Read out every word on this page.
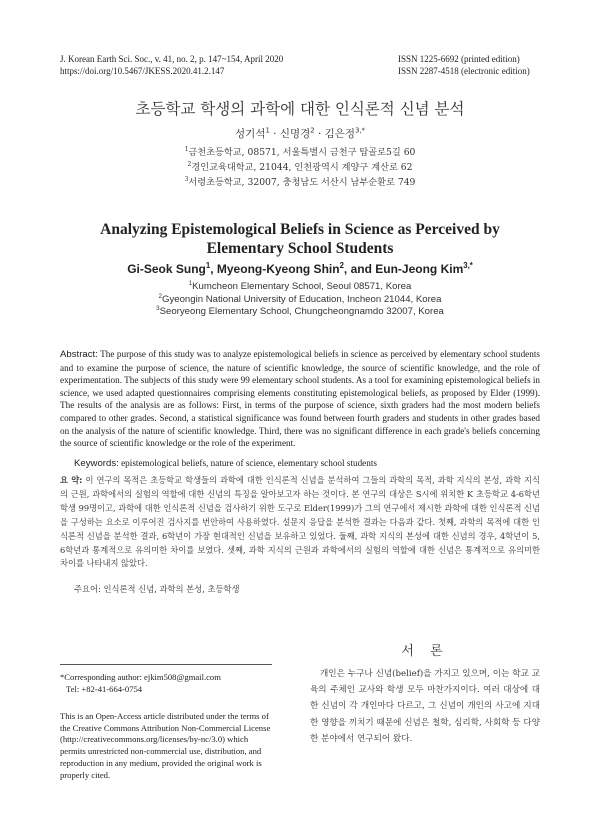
J. Korean Earth Sci. Soc., v. 41, no. 2, p. 147~154, April 2020
https://doi.org/10.5467/JKESS.2020.41.2.147
ISSN 1225-6692 (printed edition)
ISSN 2287-4518 (electronic edition)
초등학교 학생의 과학에 대한 인식론적 신념 분석
성기석$^1$ · 신명경$^2$ · 김은정$^{3,*}$
$^1$금천초등학교, 08571, 서울특별시 금천구 탑골로5길 60
$^2$경인교육대학교, 21044, 인천광역시 계양구 계산로 62
$^3$서령초등학교, 32007, 충청남도 서산시 남부순환로 749
Analyzing Epistemological Beliefs in Science as Perceived by
Elementary School Students
Gi-Seok Sung$^1$, Myeong-Kyeong Shin$^2$, and Eun-Jeong Kim$^{3,*}$
$^1$Kumcheon Elementary School, Seoul 08571, Korea
$^2$Gyeongin National University of Education, Incheon 21044, Korea
$^3$Seoryeong Elementary School, Chungcheongnamdo 32007, Korea
Abstract: The purpose of this study was to analyze epistemological beliefs in science as perceived by elementary school students and to examine the purpose of science, the nature of scientific knowledge, the source of scientific knowledge, and the role of experimentation. The subjects of this study were 99 elementary school students. As a tool for examining epistemological beliefs in science, we used adapted questionnaires comprising elements constituting epistemological beliefs, as proposed by Elder (1999). The results of the analysis are as follows: First, in terms of the purpose of science, sixth graders had the most modern beliefs compared to other grades. Second, a statistical significance was found between fourth graders and students in other grades based on the analysis of the nature of scientific knowledge. Third, there was no significant difference in each grade's beliefs concerning the source of scientific knowledge or the role of the experiment.
Keywords: epistemological beliefs, nature of science, elementary school students
요 약: 이 연구의 목적은 초등학교 학생들의 과학에 대한 인식론적 신념을 분석하여 그들의 과학의 목적, 과학 지식의 본성, 과학 지식의 근원, 과학에서의 실험의 역할에 대한 신념의 특징을 알아보고자 하는 것이다. 본 연구의 대상은 S시에 위치한 K 초등학교 4-6학년 학생 99명이고, 과학에 대한 인식론적 신념을 검사하기 위한 도구로 Elder(1999)가 그의 연구에서 제시한 과학에 대한 인식론적 신념을 구성하는 요소로 이루어진 검사지를 번안하여 사용하였다. 설문지 응답을 분석한 결과는 다음과 같다. 첫째, 과학의 목적에 대한 인식론적 신념을 분석한 결과, 6학년이 가장 현대적인 신념을 보유하고 있었다. 둘째, 과학 지식의 본성에 대한 신념의 경우, 4학년이 5, 6학년과 통계적으로 유의미한 차이를 보였다. 셋째, 과학 지식의 근원과 과학에서의 실험의 역할에 대한 신념은 통계적으로 유의미한 차이를 나타내지 않았다.
주요어: 인식론적 신념, 과학의 본성, 초등학생
*Corresponding author: ejkim508@gmail.com
Tel: +82-41-664-0754
This is an Open-Access article distributed under the terms of the Creative Commons Attribution Non-Commercial License (http://creativecommons.org/licenses/by-nc/3.0) which permits unrestricted non-commercial use, distribution, and reproduction in any medium, provided the original work is properly cited.
서 론
개인은 누구나 신념(belief)을 가지고 있으며, 이는 학교 교육의 주체인 교사와 학생 모두 마찬가지이다. 여러 대상에 대한 신념이 각 개인마다 다르고, 그 신념이 개인의 사고에 지대한 영향을 끼치기 때문에 신념은 철학, 심리학, 사회학 등 다양한 분야에서 연구되어 왔다.
